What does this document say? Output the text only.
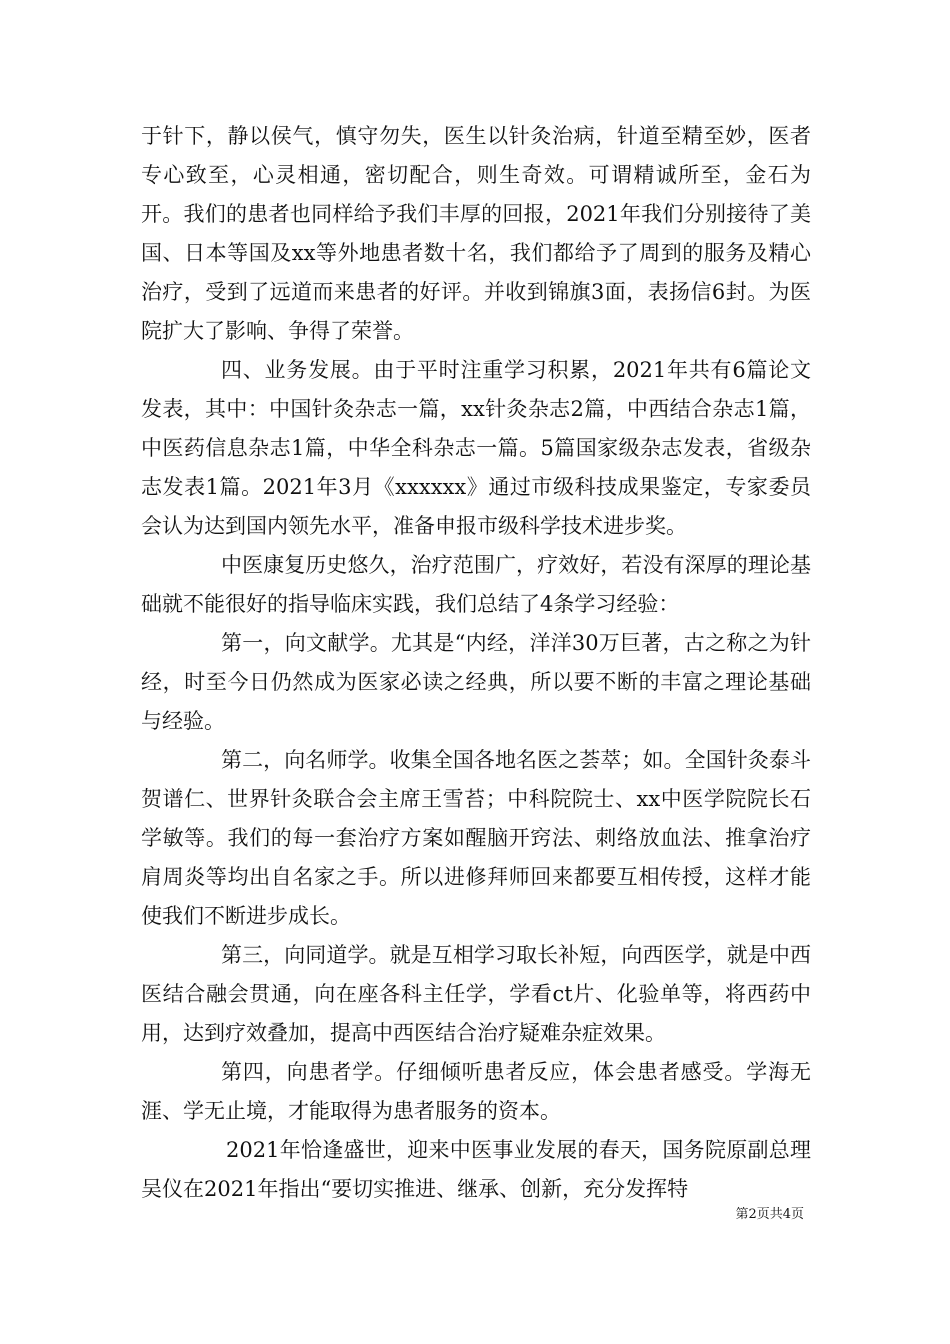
于针下，静以侯气，慎守勿失，医生以针灸治病，针道至精至妙，医者专心致至，心灵相通，密切配合，则生奇效。可谓精诚所至，金石为开。我们的患者也同样给予我们丰厚的回报，2021年我们分别接待了美国、日本等国及xx等外地患者数十名，我们都给予了周到的服务及精心治疗，受到了远道而来患者的好评。并收到锦旗3面，表扬信6封。为医院扩大了影响、争得了荣誉。

四、业务发展。由于平时注重学习积累，2021年共有6篇论文发表，其中：中国针灸杂志一篇，xx针灸杂志2篇，中西结合杂志1篇，中医药信息杂志1篇，中华全科杂志一篇。5篇国家级杂志发表，省级杂志发表1篇。2021年3月《xxxxxx》通过市级科技成果鉴定，专家委员会认为达到国内领先水平，准备申报市级科学技术进步奖。

中医康复历史悠久，治疗范围广，疗效好，若没有深厚的理论基础就不能很好的指导临床实践，我们总结了4条学习经验：

第一，向文献学。尤其是“内经，洋洋30万巨著，古之称之为针经，时至今日仍然成为医家必读之经典，所以要不断的丰富之理论基础与经验。

第二，向名师学。收集全国各地名医之荟萃；如。全国针灸泰斗贺谱仁、世界针灸联合会主席王雪苔；中科院院士、xx中医学院院长石学敏等。我们的每一套治疗方案如醒脑开窍法、刺络放血法、推拿治疗肩周炎等均出自名家之手。所以进修拜师回来都要互相传授，这样才能使我们不断进步成长。

第三，向同道学。就是互相学习取长补短，向西医学，就是中西医结合融会贯通，向在座各科主任学，学看ct片、化验单等，将西药中用，达到疗效叠加，提高中西医结合治疗疑难杂症效果。

第四，向患者学。仔细倾听患者反应，体会患者感受。学海无涯、学无止境，才能取得为患者服务的资本。

2021年恰逢盛世，迎来中医事业发展的春天，国务院原副总理吴仪在2021年指出“要切实推进、继承、创新，充分发挥特

第2页共4页
